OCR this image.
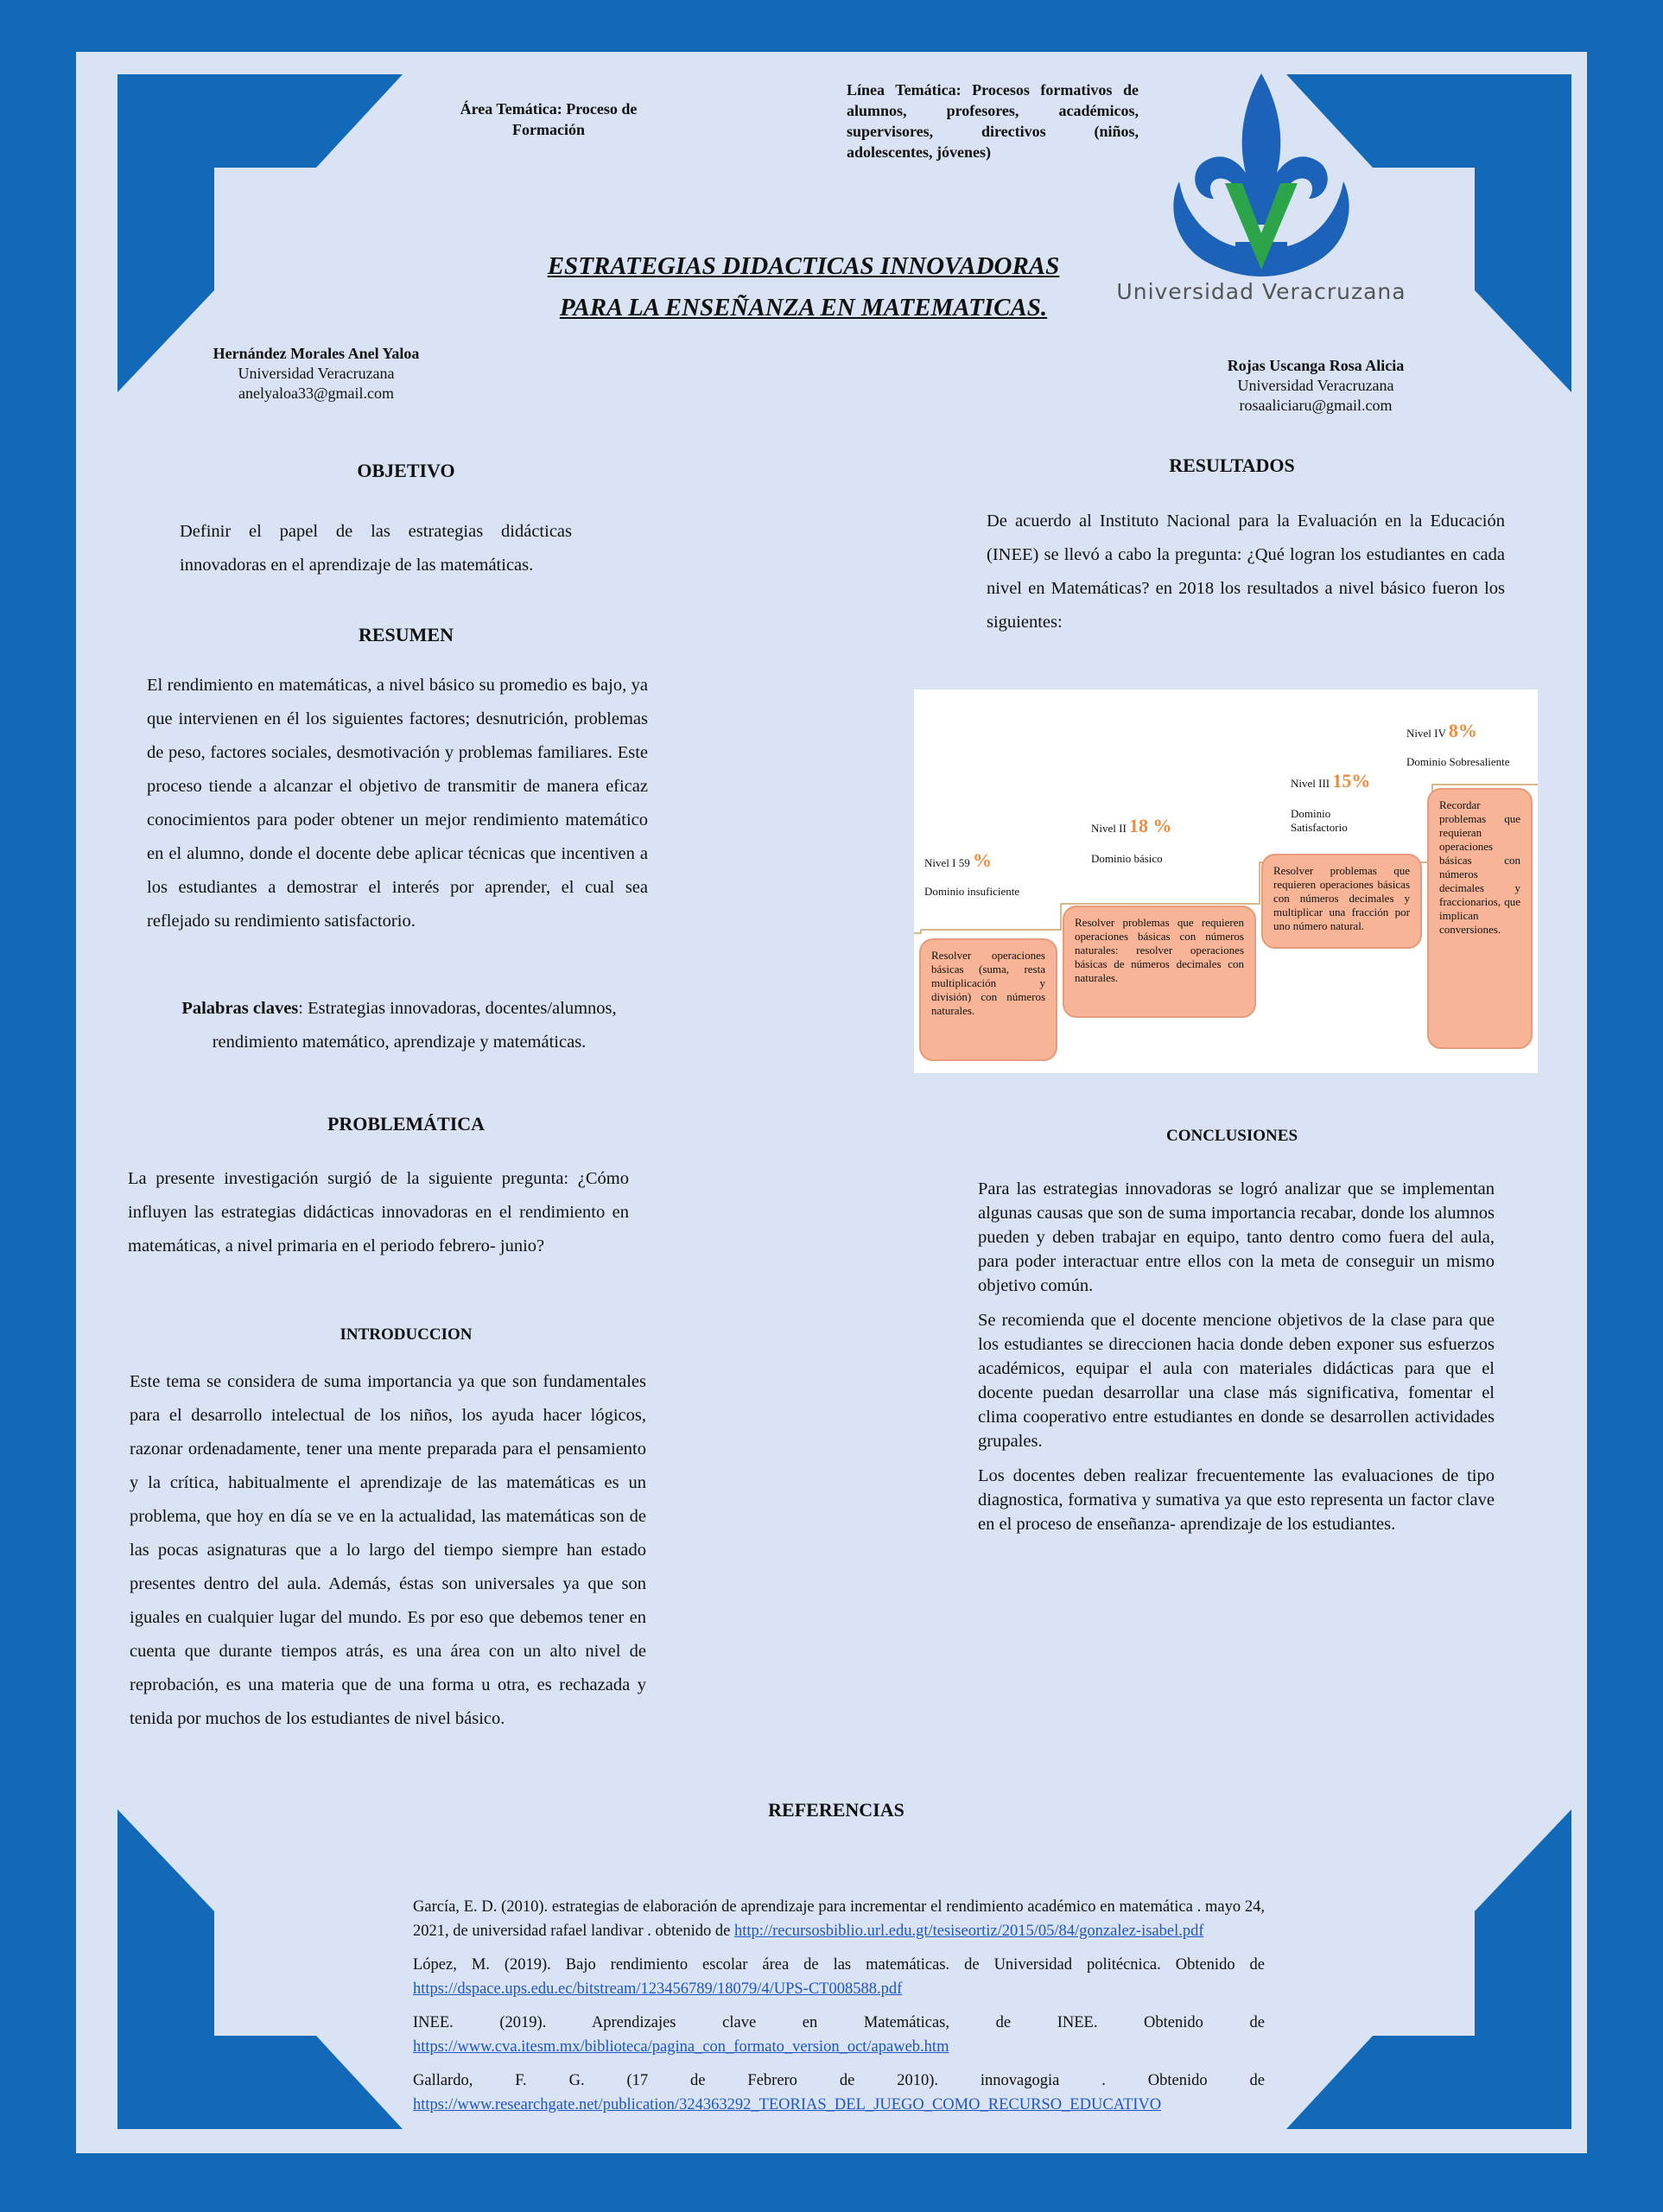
Área Temática: Proceso de Formación
Línea Temática: Procesos formativos de alumnos, profesores, académicos, supervisores, directivos (niños, adolescentes, jóvenes)
ESTRATEGIAS DIDACTICAS INNOVADORAS
PARA LA ENSEÑANZA EN MATEMATICAS.
Universidad Veracruzana
Hernández Morales Anel Yaloa
Universidad Veracruzana
anelyaloa33@gmail.com
Rojas Uscanga Rosa Alicia
Universidad Veracruzana
rosaaliciaru@gmail.com
OBJETIVO
Definir el papel de las estrategias didácticas innovadoras en el aprendizaje de las matemáticas.
RESUMEN
El rendimiento en matemáticas, a nivel básico su promedio es bajo, ya que intervienen en él los siguientes factores; desnutrición, problemas de peso, factores sociales, desmotivación y problemas familiares. Este proceso tiende a alcanzar el objetivo de transmitir de manera eficaz conocimientos para poder obtener un mejor rendimiento matemático en el alumno, donde el docente debe aplicar técnicas que incentiven a los estudiantes a demostrar el interés por aprender, el cual sea reflejado su rendimiento satisfactorio.
Palabras claves: Estrategias innovadoras, docentes/alumnos, rendimiento matemático, aprendizaje y matemáticas.
PROBLEMÁTICA
La presente investigación surgió de la siguiente pregunta: ¿Cómo influyen las estrategias didácticas innovadoras en el rendimiento en matemáticas, a nivel primaria en el periodo febrero- junio?
INTRODUCCION
Este tema se considera de suma importancia ya que son fundamentales para el desarrollo intelectual de los niños, los ayuda hacer lógicos, razonar ordenadamente, tener una mente preparada para el pensamiento y la crítica, habitualmente el aprendizaje de las matemáticas es un problema, que hoy en día se ve en la actualidad, las matemáticas son de las pocas asignaturas que a lo largo del tiempo siempre han estado presentes dentro del aula. Además, éstas son universales ya que son iguales en cualquier lugar del mundo. Es por eso que debemos tener en cuenta que durante tiempos atrás, es una área con un alto nivel de reprobación, es una materia que de una forma u otra, es rechazada y tenida por muchos de los estudiantes de nivel básico.
RESULTADOS
De acuerdo al Instituto Nacional para la Evaluación en la Educación (INEE) se llevó a cabo la pregunta: ¿Qué logran los estudiantes en cada nivel en Matemáticas? en 2018 los resultados a nivel básico fueron los siguientes:
Nivel I 59 %
Dominio insuficiente
Resolver operaciones básicas (suma, resta multiplicación y división) con números naturales.
Nivel II 18 %
Dominio básico
Resolver problemas que requieren operaciones básicas con números naturales: resolver operaciones básicas de números decimales con naturales.
Nivel III 15%
Dominio Satisfactorio
Resolver problemas que requieren operaciones básicas con números decimales y multiplicar una fracción por uno número natural.
Nivel IV 8%
Dominio Sobresaliente
Recordar problemas que requieran operaciones básicas con números decimales y fraccionarios, que implican conversiones.
CONCLUSIONES
Para las estrategias innovadoras se logró analizar que se implementan algunas causas que son de suma importancia recabar, donde los alumnos pueden y deben trabajar en equipo, tanto dentro como fuera del aula, para poder interactuar entre ellos con la meta de conseguir un mismo objetivo común.
Se recomienda que el docente mencione objetivos de la clase para que los estudiantes se direccionen hacia donde deben exponer sus esfuerzos académicos, equipar el aula con materiales didácticas para que el docente puedan desarrollar una clase más significativa, fomentar el clima cooperativo entre estudiantes en donde se desarrollen actividades grupales.
Los docentes deben realizar frecuentemente las evaluaciones de tipo diagnostica, formativa y sumativa ya que esto representa un factor clave en el proceso de enseñanza- aprendizaje de los estudiantes.
REFERENCIAS
García, E. D. (2010). estrategias de elaboración de aprendizaje para incrementar el rendimiento académico en matemática . mayo 24, 2021, de universidad rafael landivar . obtenido de http://recursosbiblio.url.edu.gt/tesiseortiz/2015/05/84/gonzalez-isabel.pdf
López, M. (2019). Bajo rendimiento escolar área de las matemáticas. de Universidad politécnica. Obtenido de https://dspace.ups.edu.ec/bitstream/123456789/18079/4/UPS-CT008588.pdf
INEE. (2019). Aprendizajes clave en Matemáticas, de INEE. Obtenido de https://www.cva.itesm.mx/biblioteca/pagina_con_formato_version_oct/apaweb.htm
Gallardo, F. G. (17 de Febrero de 2010). innovagogia . Obtenido de https://www.researchgate.net/publication/324363292_TEORIAS_DEL_JUEGO_COMO_RECURSO_EDUCATIVO
